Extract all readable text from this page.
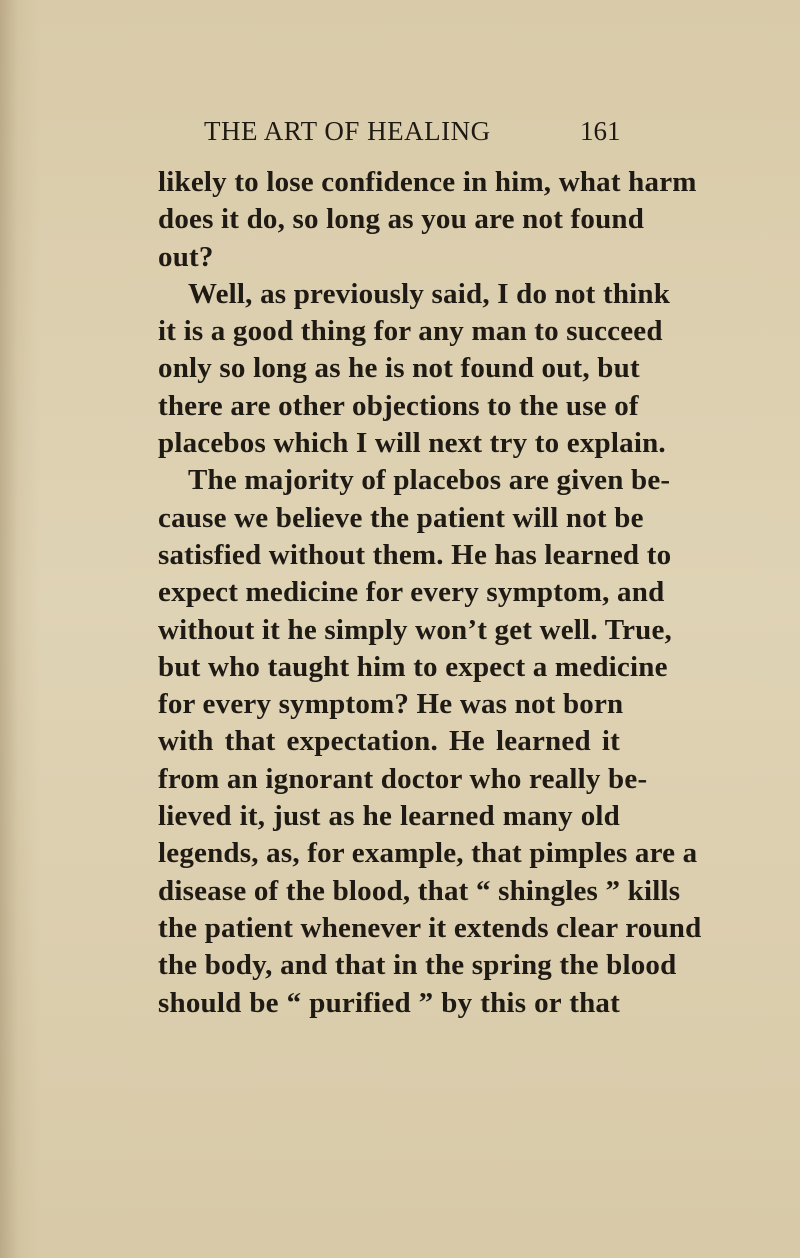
THE ART OF HEALING	161
likely to lose confidence in him, what harm
does it do, so long as you are not found
out?
Well, as previously said, I do not think
it is a good thing for any man to succeed
only so long as he is not found out, but
there are other objections to the use of
placebos which I will next try to explain.
The majority of placebos are given be-
cause we believe the patient will not be
satisfied without them. He has learned to
expect medicine for every symptom, and
without it he simply won’t get well. True,
but who taught him to expect a medicine
for every symptom? He was not born
with that expectation. He learned it
from an ignorant doctor who really be-
lieved it, just as he learned many old
legends, as, for example, that pimples are a
disease of the blood, that “ shingles ” kills
the patient whenever it extends clear round
the body, and that in the spring the blood
should be “ purified ” by this or that
